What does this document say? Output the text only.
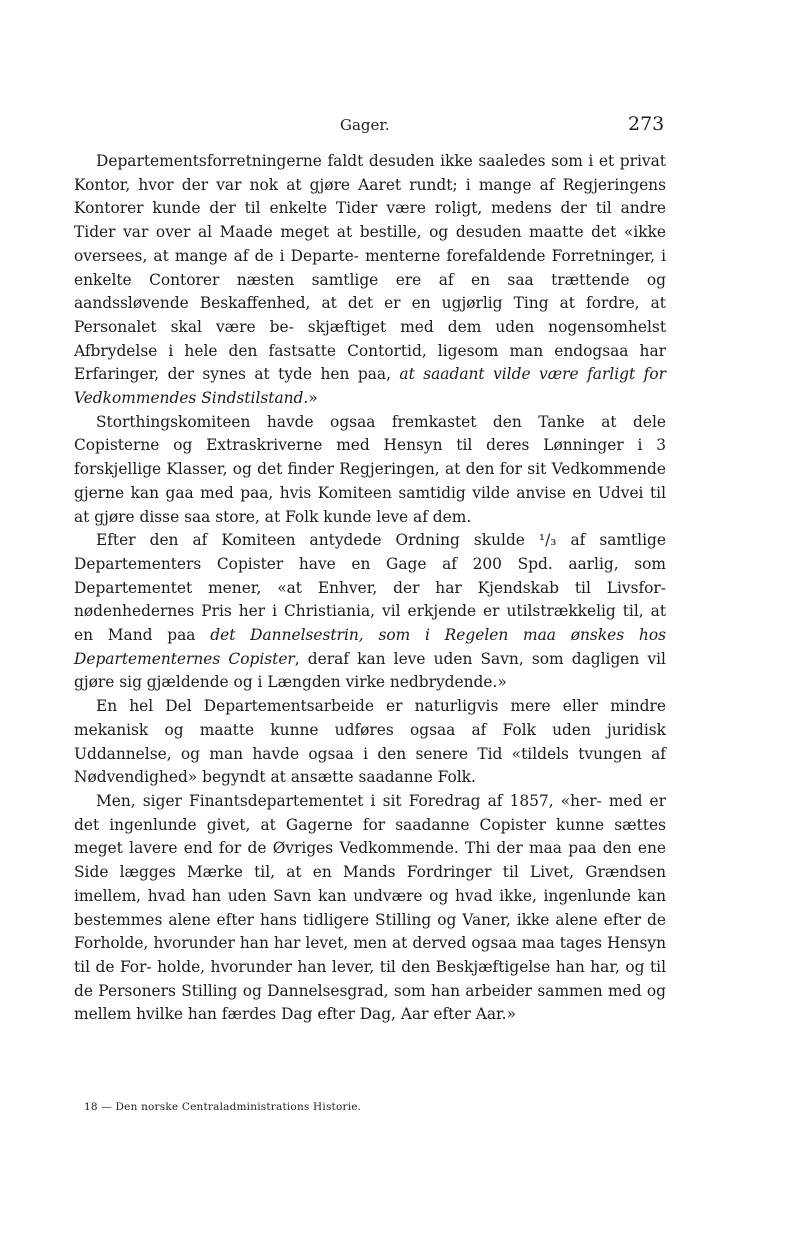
Gager.	273

Departementsforretningerne faldt desuden ikke saaledes som i et privat Kontor, hvor der var nok at gjøre Aaret rundt; i mange af Regjeringens Kontorer kunde der til enkelte Tider være roligt, medens der til andre Tider var over al Maade meget at bestille, og desuden maatte det «ikke oversees, at mange af de i Departe‑ menterne forefaldende Forretninger, i enkelte Contorer næsten samtlige ere af en saa trættende og aandssløvende Beskaffenhed, at det er en ugjørlig Ting at fordre, at Personalet skal være be‑ skjæftiget med dem uden nogensomhelst Afbrydelse i hele den fastsatte Contortid, ligesom man endogsaa har Erfaringer, der synes at tyde hen paa, at saadant vilde være farligt for Vedkommendes Sindstilstand.»

Storthingskomiteen havde ogsaa fremkastet den Tanke at dele Copisterne og Extraskriverne med Hensyn til deres Lønninger i 3 forskjellige Klasser, og det finder Regjeringen, at den for sit Vedkommende gjerne kan gaa med paa, hvis Komiteen samtidig vilde anvise en Udvei til at gjøre disse saa store, at Folk kunde leve af dem.

Efter den af Komiteen antydede Ordning skulde ¹/₃ af samtlige Departementers Copister have en Gage af 200 Spd. aarlig, som Departementet mener, «at Enhver, der har Kjendskab til Livsfor‑ nødenhedernes Pris her i Christiania, vil erkjende er utilstrækkelig til, at en Mand paa det Dannelsestrin, som i Regelen maa ønskes hos Departementernes Copister, deraf kan leve uden Savn, som dagligen vil gjøre sig gjældende og i Længden virke nedbrydende.»

En hel Del Departementsarbeide er naturligvis mere eller mindre mekanisk og maatte kunne udføres ogsaa af Folk uden juridisk Uddannelse, og man havde ogsaa i den senere Tid «tildels tvungen af Nødvendighed» begyndt at ansætte saadanne Folk.

Men, siger Finantsdepartementet i sit Foredrag af 1857, «her‑ med er det ingenlunde givet, at Gagerne for saadanne Copister kunne sættes meget lavere end for de Øvriges Vedkommende. Thi der maa paa den ene Side lægges Mærke til, at en Mands Fordringer til Livet, Grændsen imellem, hvad han uden Savn kan undvære og hvad ikke, ingenlunde kan bestemmes alene efter hans tidligere Stilling og Vaner, ikke alene efter de Forholde, hvorunder han har levet, men at derved ogsaa maa tages Hensyn til de For‑ holde, hvorunder han lever, til den Beskjæftigelse han har, og til de Personers Stilling og Dannelsesgrad, som han arbeider sammen med og mellem hvilke han færdes Dag efter Dag, Aar efter Aar.»

18 — Den norske Centraladministrations Historie.
